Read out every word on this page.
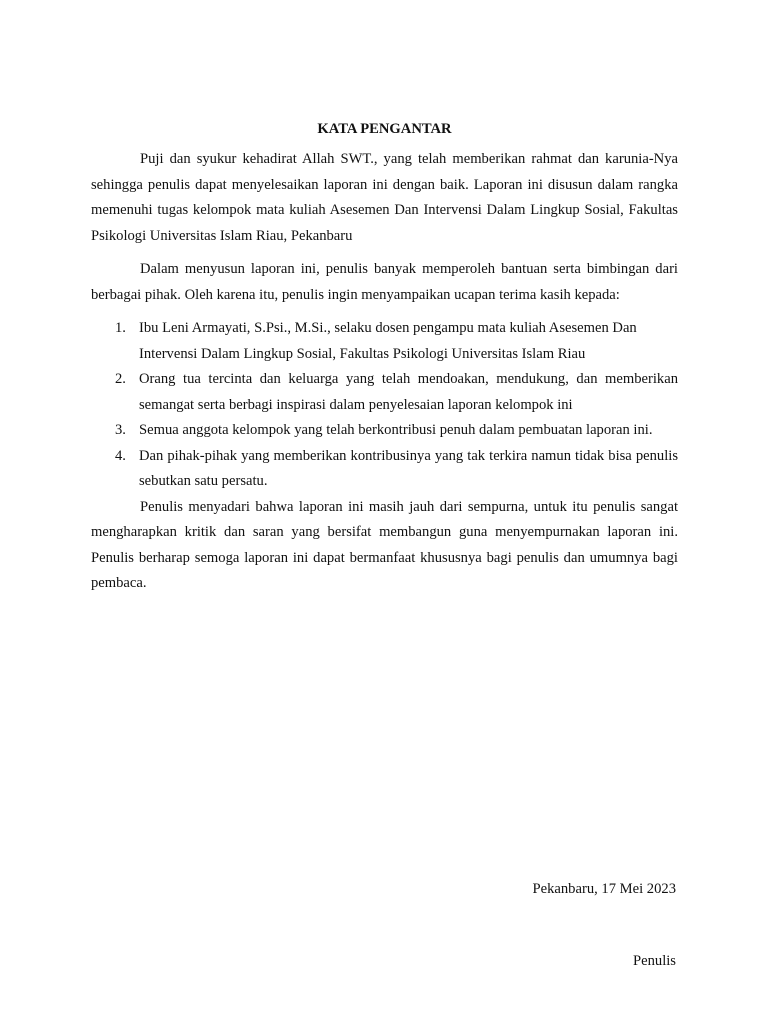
KATA PENGANTAR

Puji dan syukur kehadirat Allah SWT., yang telah memberikan rahmat dan karunia-Nya sehingga penulis dapat menyelesaikan laporan ini dengan baik. Laporan ini disusun dalam rangka memenuhi tugas kelompok mata kuliah Asesemen Dan Intervensi Dalam Lingkup Sosial, Fakultas Psikologi Universitas Islam Riau, Pekanbaru

Dalam menyusun laporan ini, penulis banyak memperoleh bantuan serta bimbingan dari berbagai pihak. Oleh karena itu, penulis ingin menyampaikan ucapan terima kasih kepada:

1. Ibu Leni Armayati, S.Psi., M.Si., selaku dosen pengampu mata kuliah Asesemen Dan Intervensi Dalam Lingkup Sosial, Fakultas Psikologi Universitas Islam Riau
2. Orang tua tercinta dan keluarga yang telah mendoakan, mendukung, dan memberikan semangat serta berbagi inspirasi dalam penyelesaian laporan kelompok ini
3. Semua anggota kelompok yang telah berkontribusi penuh dalam pembuatan laporan ini.
4. Dan pihak-pihak yang memberikan kontribusinya yang tak terkira namun tidak bisa penulis sebutkan satu persatu.

Penulis menyadari bahwa laporan ini masih jauh dari sempurna, untuk itu penulis sangat mengharapkan kritik dan saran yang bersifat membangun guna menyempurnakan laporan ini. Penulis berharap semoga laporan ini dapat bermanfaat khususnya bagi penulis dan umumnya bagi pembaca.

Pekanbaru, 17 Mei 2023
Penulis
